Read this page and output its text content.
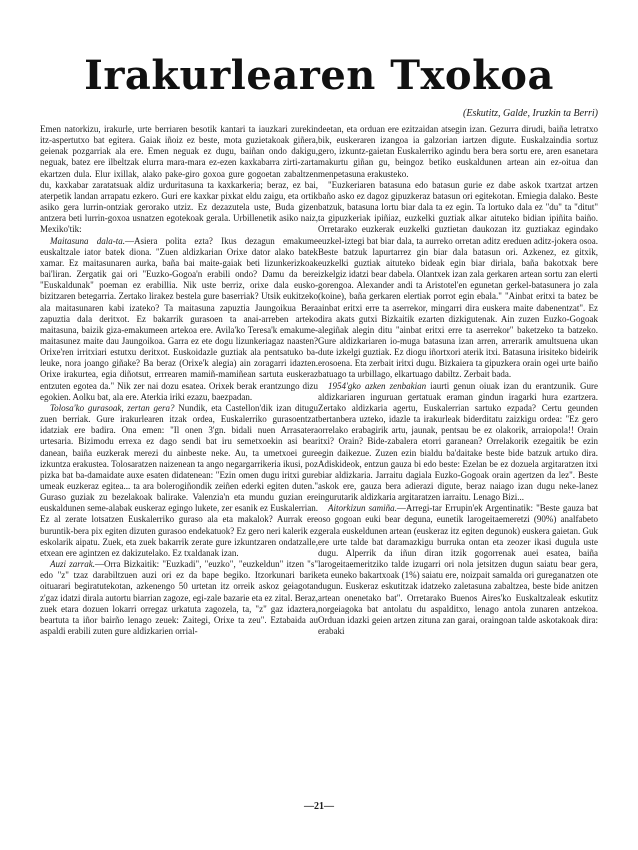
Irakurlearen Txokoa
(Eskutitz, Galde, Iruzkin ta Berri)

Emen natorkizu, irakurle, urte berriaren besotik kantari ta iauzkari zurekin itz-aspertutxo bat egitera. Gaiak iñoiz ez beste, mota guzietakoak giñera, geienak pozgarriak ala ere. Emen neguak ez dugu, baiñan ondo dakigu, neguak, batez ere ilbeltzak elurra mara-mara ez-ezen kaxkabarra zirti-zarta ekartzen dula. Elur ixillak, alako pake-giro goxoa gure gogoetan zabaltzen du, kaxkabar zaratatsuak aldiz urduritasuna ta kaxkarkeria; beraz, ez bai, aterpetik landan arrapatu ezkero. Guri ere kaxkar pixkat eldu zaigu, eta ortik asiko gera lurrin-ontziak gerorako utziz. Ez dezazutela uste, Buda gizen antzera beti lurrin-goxoa usnatzen egotekoak gerala. Urbillenetik asiko naiz, Mexiko'tik:

Maitasuna dala-ta.—Asiera polita ezta? Ikus dezagun emakume euskaltzale iator batek diona. "Zuen aldizkarian Orixe dator alako batek xamar. Ez maitasunaren aurka, baña bai maite-gaiak beti lizunkerizkoak bai'liran. Zergatik gai ori "Euzko-Gogoa'n erabili ondo? Damu da bere "Euskaldunak" poeman ez erabillia. Nik uste berriz, orixe dala eusko-bizitzaren betegarria. Zertako lirakez bestela gure baserriak? Utsik eukitzeko ala maitasunaren kabi izateko? Ta maitasuna zapuztia Jaungoikua Bera zapuztia dala deritxot. Ez bakarrik gurasoen ta anai-arreben arteko maitasuna, baizik giza-emakumeen artekoa ere. Avila'ko Teresa'k emakume-maitasunez maite dau Jaungoikoa. Garra ez ete dogu lizunkeriagaz naasten? Orixe'ren irritxiari estutxu deritxot. Euskoidazle guztiak ala pentsatuko ba-leuke, nora joango giñake? Ba beraz (Orixe'k alegia) ain zoragarri idazten. Orixe irakurtea, egia diñotsut, errrearen mamiñ-mamiñean sartuta euskeraz entzuten egotea da." Nik zer nai dozu esatea. Orixek berak erantzungo dizu egokien. Aolku bat, ala ere. Aterkia iriki ezazu, baezpadan.

Tolosa'ko gurasoak, zertan gera? Nundik, eta Castellon'dik izan ditugu zuen berriak. Gure irakurlearen itzak ordea, Euskalerriko gurasoentzat idatziak ere badira. Ona emen: "Il onen 3'gn. bidali nuen Arrasatera urtesaria. Bizimodu errexa ez dago sendi bat iru semetxoekin asi bear danean, baiña euzkerak merezi du ainbeste neke. Au, ta umetxoei gure izkuntza erakustea. Tolosaratzen naizenean ta ango negargarrikeria ikusi, poz pizka bat ba-damaidate auxe esaten didatenean: "Ezin omen dugu iritxi gure umeak euzkeraz egitea... ta ara bolerogiñondik zeiñen ederki egiten duten." Guraso guziak zu bezelakoak balirake. Valenzia'n eta mundu guzian ere euskaldunen seme-alabak euskeraz egingo lukete, zer esanik ez Euskalerrian. Ez al zerate lotsatzen Euskalerriko guraso ala eta makalok? Aurrak ere buruntik-bera pix egiten dizuten gurasoo endekatuok? Ez gero neri kalerik ez eskolarik aipatu. Zuek, eta zuek bakarrik zerate gure izkuntzaren ondatzalle, etxean ere agintzen ez dakizutelako. Ez txaldanak izan.

Auzi zarrak.—Orra Bizkaitik: "Euzkadi", "euzko", "euzkeldun" itzen "s" edo "z" tzaz darabiltzuen auzi ori ez da bape begiko. Itzorkunari barik oituarari begiratutekotan, azkenengo 50 urtetan itz orreik askoz geiagotan z'gaz idatzi dirala autortu biarrian zagoze, egi-zale bazarie eta ez zital. Beraz, zuek etara dozuen lokarri orregaz urkatuta zagozela, ta, "z" gaz idaztera, beartuta ta iñor bairño lenago zeuek: Zaitegi, Orixe ta zeu". Eztabaida au aspaldi erabili zuten gure aldizkarien orrial-

deetan, eta orduan ere ezitzaidan atsegin izan. Gezurra dirudi, baiña letratxo bik, euskeraren izangoa ia galzorian iartzen digute. Euskalzaindia sortuz gero, izkuntz-gaietan Euskalerriko agindu bera bera sortu ere, aren esanetara makurtu giñan gu, beingoz betiko euskaldunen artean ain ez-oitua dan menpetasuna erakusteko.

"Euzkeriaren batasuna edo batasun gurie ez dabe askok txartzat artzen baño asko ez dagoz gipuzkeraz batasun ori egitekotan. Emiegia dalako. Beste batzuk, batasuna lortu biar dala ta ez egin. Ta lortuko dala ez "du" ta "ditut" ta gipuzkeriak ipiñiaz, euzkelki guztiak alkar aituteko bidian ipiñita baiño. Orretarako euzkerak euzkelki guztietan daukozan itz guztiakaz egindako euzkel-iztegi bat biar dala, ta aurreko orretan aditz ereduen aditz-jokera osoa. Beste batzuk lapurtarrez gin biar dala batasun ori. Azkenez, ez gitxik, euzkelki guztiak aituteko bideak egin biar diriala, baña bakotxak bere izkelgiz idatzi bear dabela. Olantxek izan zala gerkaren artean sortu zan elerti gorengoa. Alexander andi ta Aristotel'en egunetan gerkel-batasunera jo zala (koine), baña gerkaren elertiak porrot egin ebala." "Ainbat eritxi ta batez be ainbat eritxi erre ta aserrekor, mingarri dira euskera maite dabenentzat". Ez dira akats gutxi Bizkaitik ezarten dizkigutenak. Ain zuzen Euzko-Gogoak alegiñak alegin ditu "ainbat eritxi erre ta aserrekor" baketzeko ta batzeko. Gure aldizkariaren io-muga batasuna izan arren, arrerarik amultsuena ukan dute izkelgi guztiak. Ez diogu iñortxori aterik itxi. Batasuna irisiteko bideirik erosoena. Eta zerbait iritxi dugu. Bizkaiera ta gipuzkera orain ogei urte baiño batuago ta urbillago, elkartuago dabiltz. Zerbait bada.

1954'gko azken zenbakian iaurti genun oiuak izan du erantzunik. Gure aldizkariaren inguruan gertatuak eraman gindun iragarki hura ezartzera. Zertako aldizkaria agertu, Euskalerrian sartuko ezpada? Certu geunden bertanbera uzteko, idazle ta irakurleak biderditatu zaizkigu ordea: "Ez gero orrelako erabagirik artu, jaunak, pentsau be ez olakorik, arraiopola!! Orain itxi? Orain? Bide-zabalera etorri garanean? Orrelakorik ezegaitik be ezin egin daikezue. Zuzen ezin bialdu ba'daitake beste bide batzuk artuko dira. Adiskideok, entzun gauza bi edo beste: Ezelan be ez dozuela argitaratzen itxi biar aldizkaria. Jarraitu dagiala Euzko-Gogoak orain agertzen da lez". Beste askok ere, gauza bera adierazi digute, beraz naiago izan dugu neke-lanez ingurutarik aldizkaria argitaratzen iarraitu. Lenago Bizi...

Aitorkizun samiña.—Arregi-tar Errupin'ek Argentinatik: "Beste gauza bat oso gogoan euki bear deguna, eunetik larogeitaemeretzi (90%) analfabeto gerala euskeldunen artean (euskeraz itz egiten degunok) euskera gaietan. Guk ere urte talde bat daramazkigu burruka ontan eta zeozer ikasi dugula uste dugu. Alperrik da iñun diran itzik gogorrenak auei esatea, baiña larogeitaemeritziko talde izugarri ori nola jetsitzen dugun saiatu bear gera, eta euneko bakartxoak (1%) saiatu ere, noizpait samalda ori gureganatzen ote dugun. Euskeraz eskutitzak idatzeko zaletasuna zabaltzea, beste bide anitzen artean onenetako bat". Orretarako Buenos Aires'ko Euskaltzaleak eskutitz norgeiagoka bat antolatu du aspalditxo, lenago antola zunaren antzekoa. Orduan idazki geien artzen zituna zan garai, oraingoan talde askotakoak dira: erabaki

—21—
